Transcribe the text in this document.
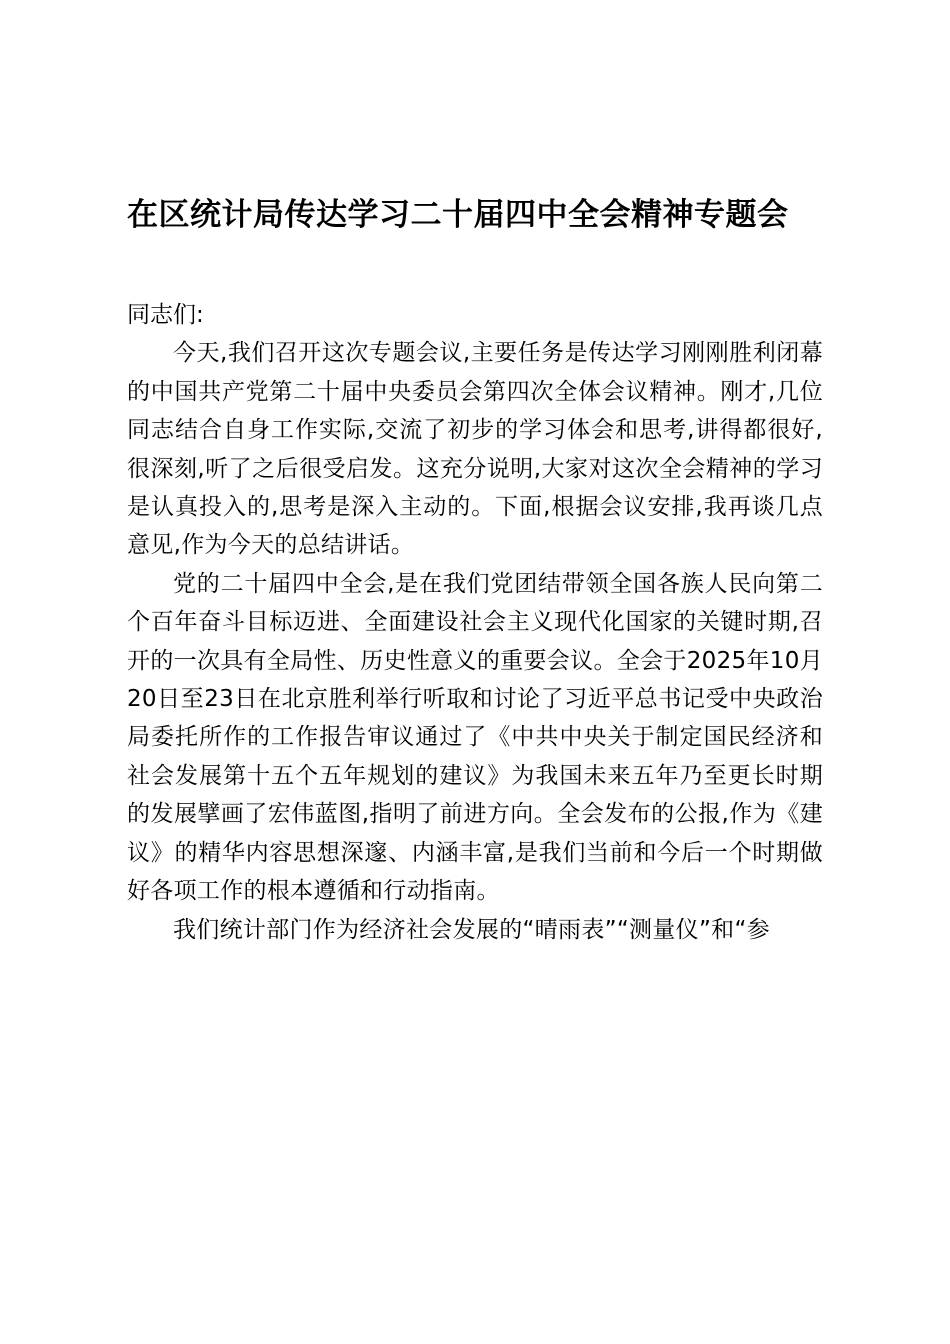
在区统计局传达学习二十届四中全会精神专题会

同志们:

今天,我们召开这次专题会议,主要任务是传达学习刚刚胜利闭幕的中国共产党第二十届中央委员会第四次全体会议精神。刚才,几位同志结合自身工作实际,交流了初步的学习体会和思考,讲得都很好,很深刻,听了之后很受启发。这充分说明,大家对这次全会精神的学习是认真投入的,思考是深入主动的。下面,根据会议安排,我再谈几点意见,作为今天的总结讲话。

党的二十届四中全会,是在我们党团结带领全国各族人民向第二个百年奋斗目标迈进、全面建设社会主义现代化国家的关键时期,召开的一次具有全局性、历史性意义的重要会议。全会于2025年10月20日至23日在北京胜利举行听取和讨论了习近平总书记受中央政治局委托所作的工作报告审议通过了《中共中央关于制定国民经济和社会发展第十五个五年规划的建议》为我国未来五年乃至更长时期的发展擘画了宏伟蓝图,指明了前进方向。全会发布的公报,作为《建议》的精华内容思想深邃、内涵丰富,是我们当前和今后一个时期做好各项工作的根本遵循和行动指南。

我们统计部门作为经济社会发展的“晴雨表”“测量仪”和“参
